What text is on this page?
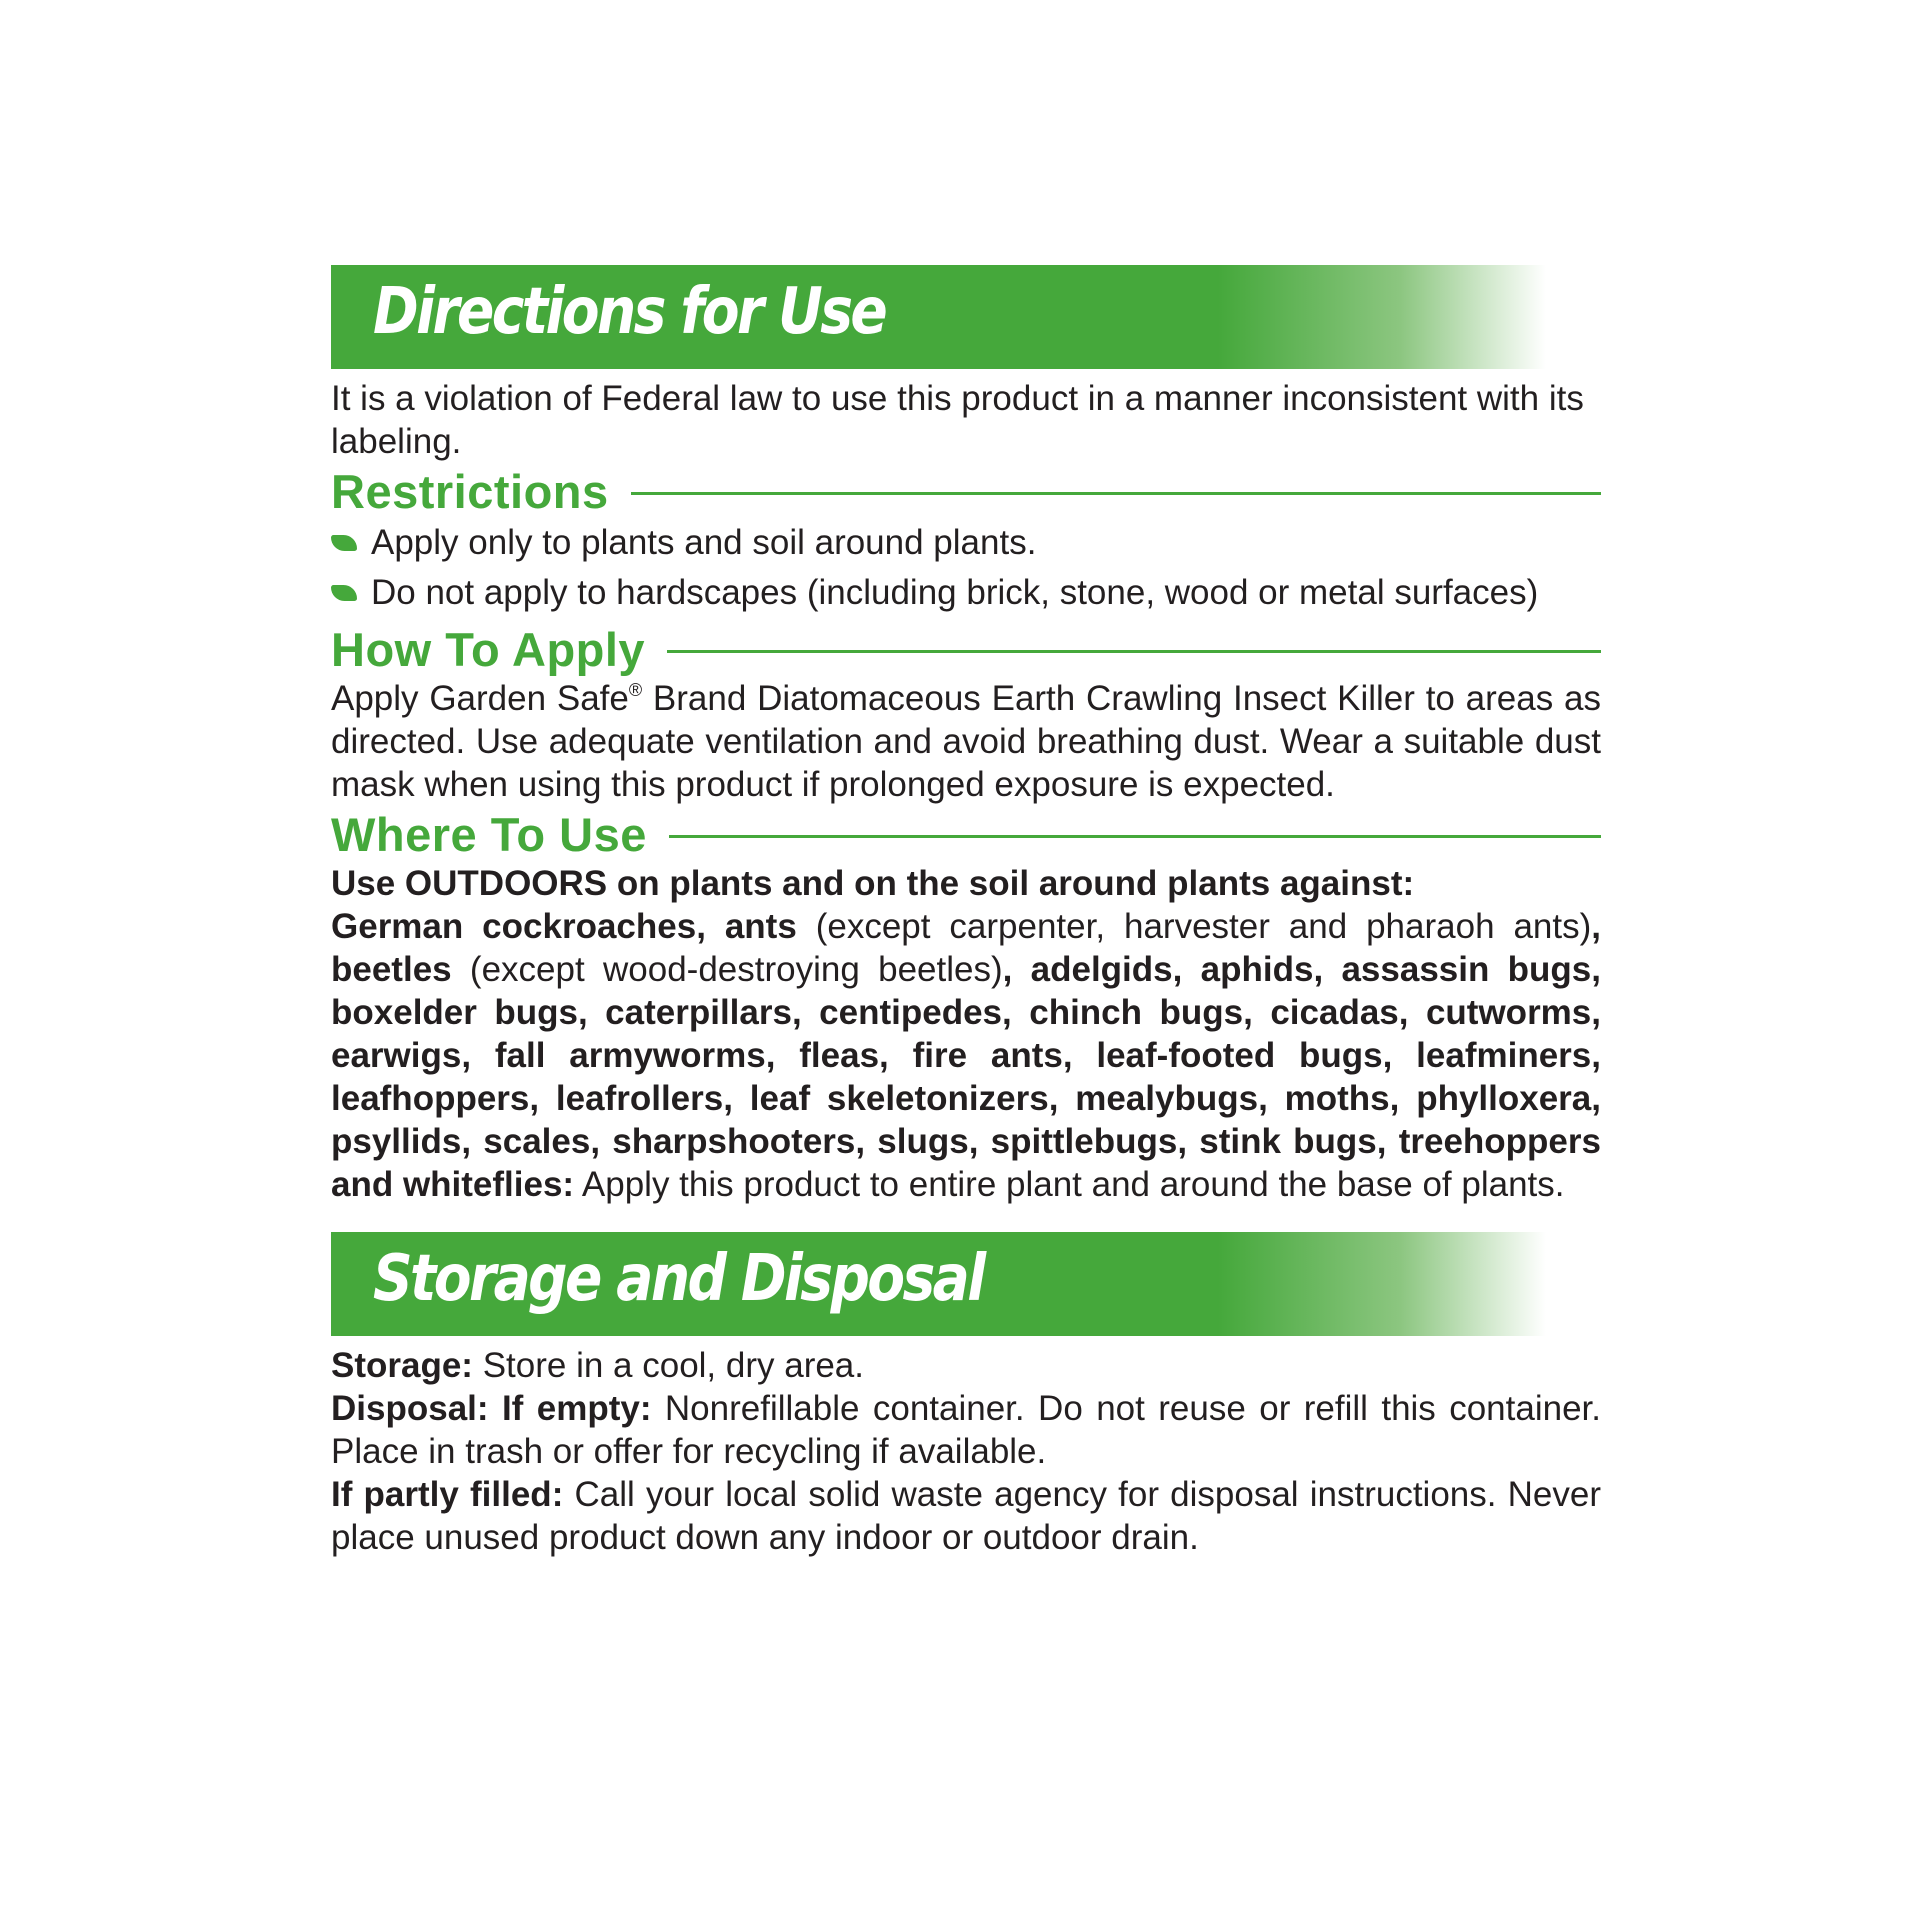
Directions for Use
It is a violation of Federal law to use this product in a manner inconsistent with its labeling.
Restrictions
Apply only to plants and soil around plants.
Do not apply to hardscapes (including brick, stone, wood or metal surfaces)
How To Apply
Apply Garden Safe® Brand Diatomaceous Earth Crawling Insect Killer to areas as directed. Use adequate ventilation and avoid breathing dust. Wear a suitable dust mask when using this product if prolonged exposure is expected.
Where To Use
Use OUTDOORS on plants and on the soil around plants against:
German cockroaches, ants (except carpenter, harvester and pharaoh ants), beetles (except wood-destroying beetles), adelgids, aphids, assassin bugs, boxelder bugs, caterpillars, centipedes, chinch bugs, cicadas, cutworms, earwigs, fall armyworms, fleas, fire ants, leaf-footed bugs, leafminers, leafhoppers, leafrollers, leaf skeletonizers, mealybugs, moths, phylloxera, psyllids, scales, sharpshooters, slugs, spittlebugs, stink bugs, treehoppers and whiteflies: Apply this product to entire plant and around the base of plants.
Storage and Disposal
Storage: Store in a cool, dry area.
Disposal: If empty: Nonrefillable container. Do not reuse or refill this container. Place in trash or offer for recycling if available.
If partly filled: Call your local solid waste agency for disposal instructions. Never place unused product down any indoor or outdoor drain.
